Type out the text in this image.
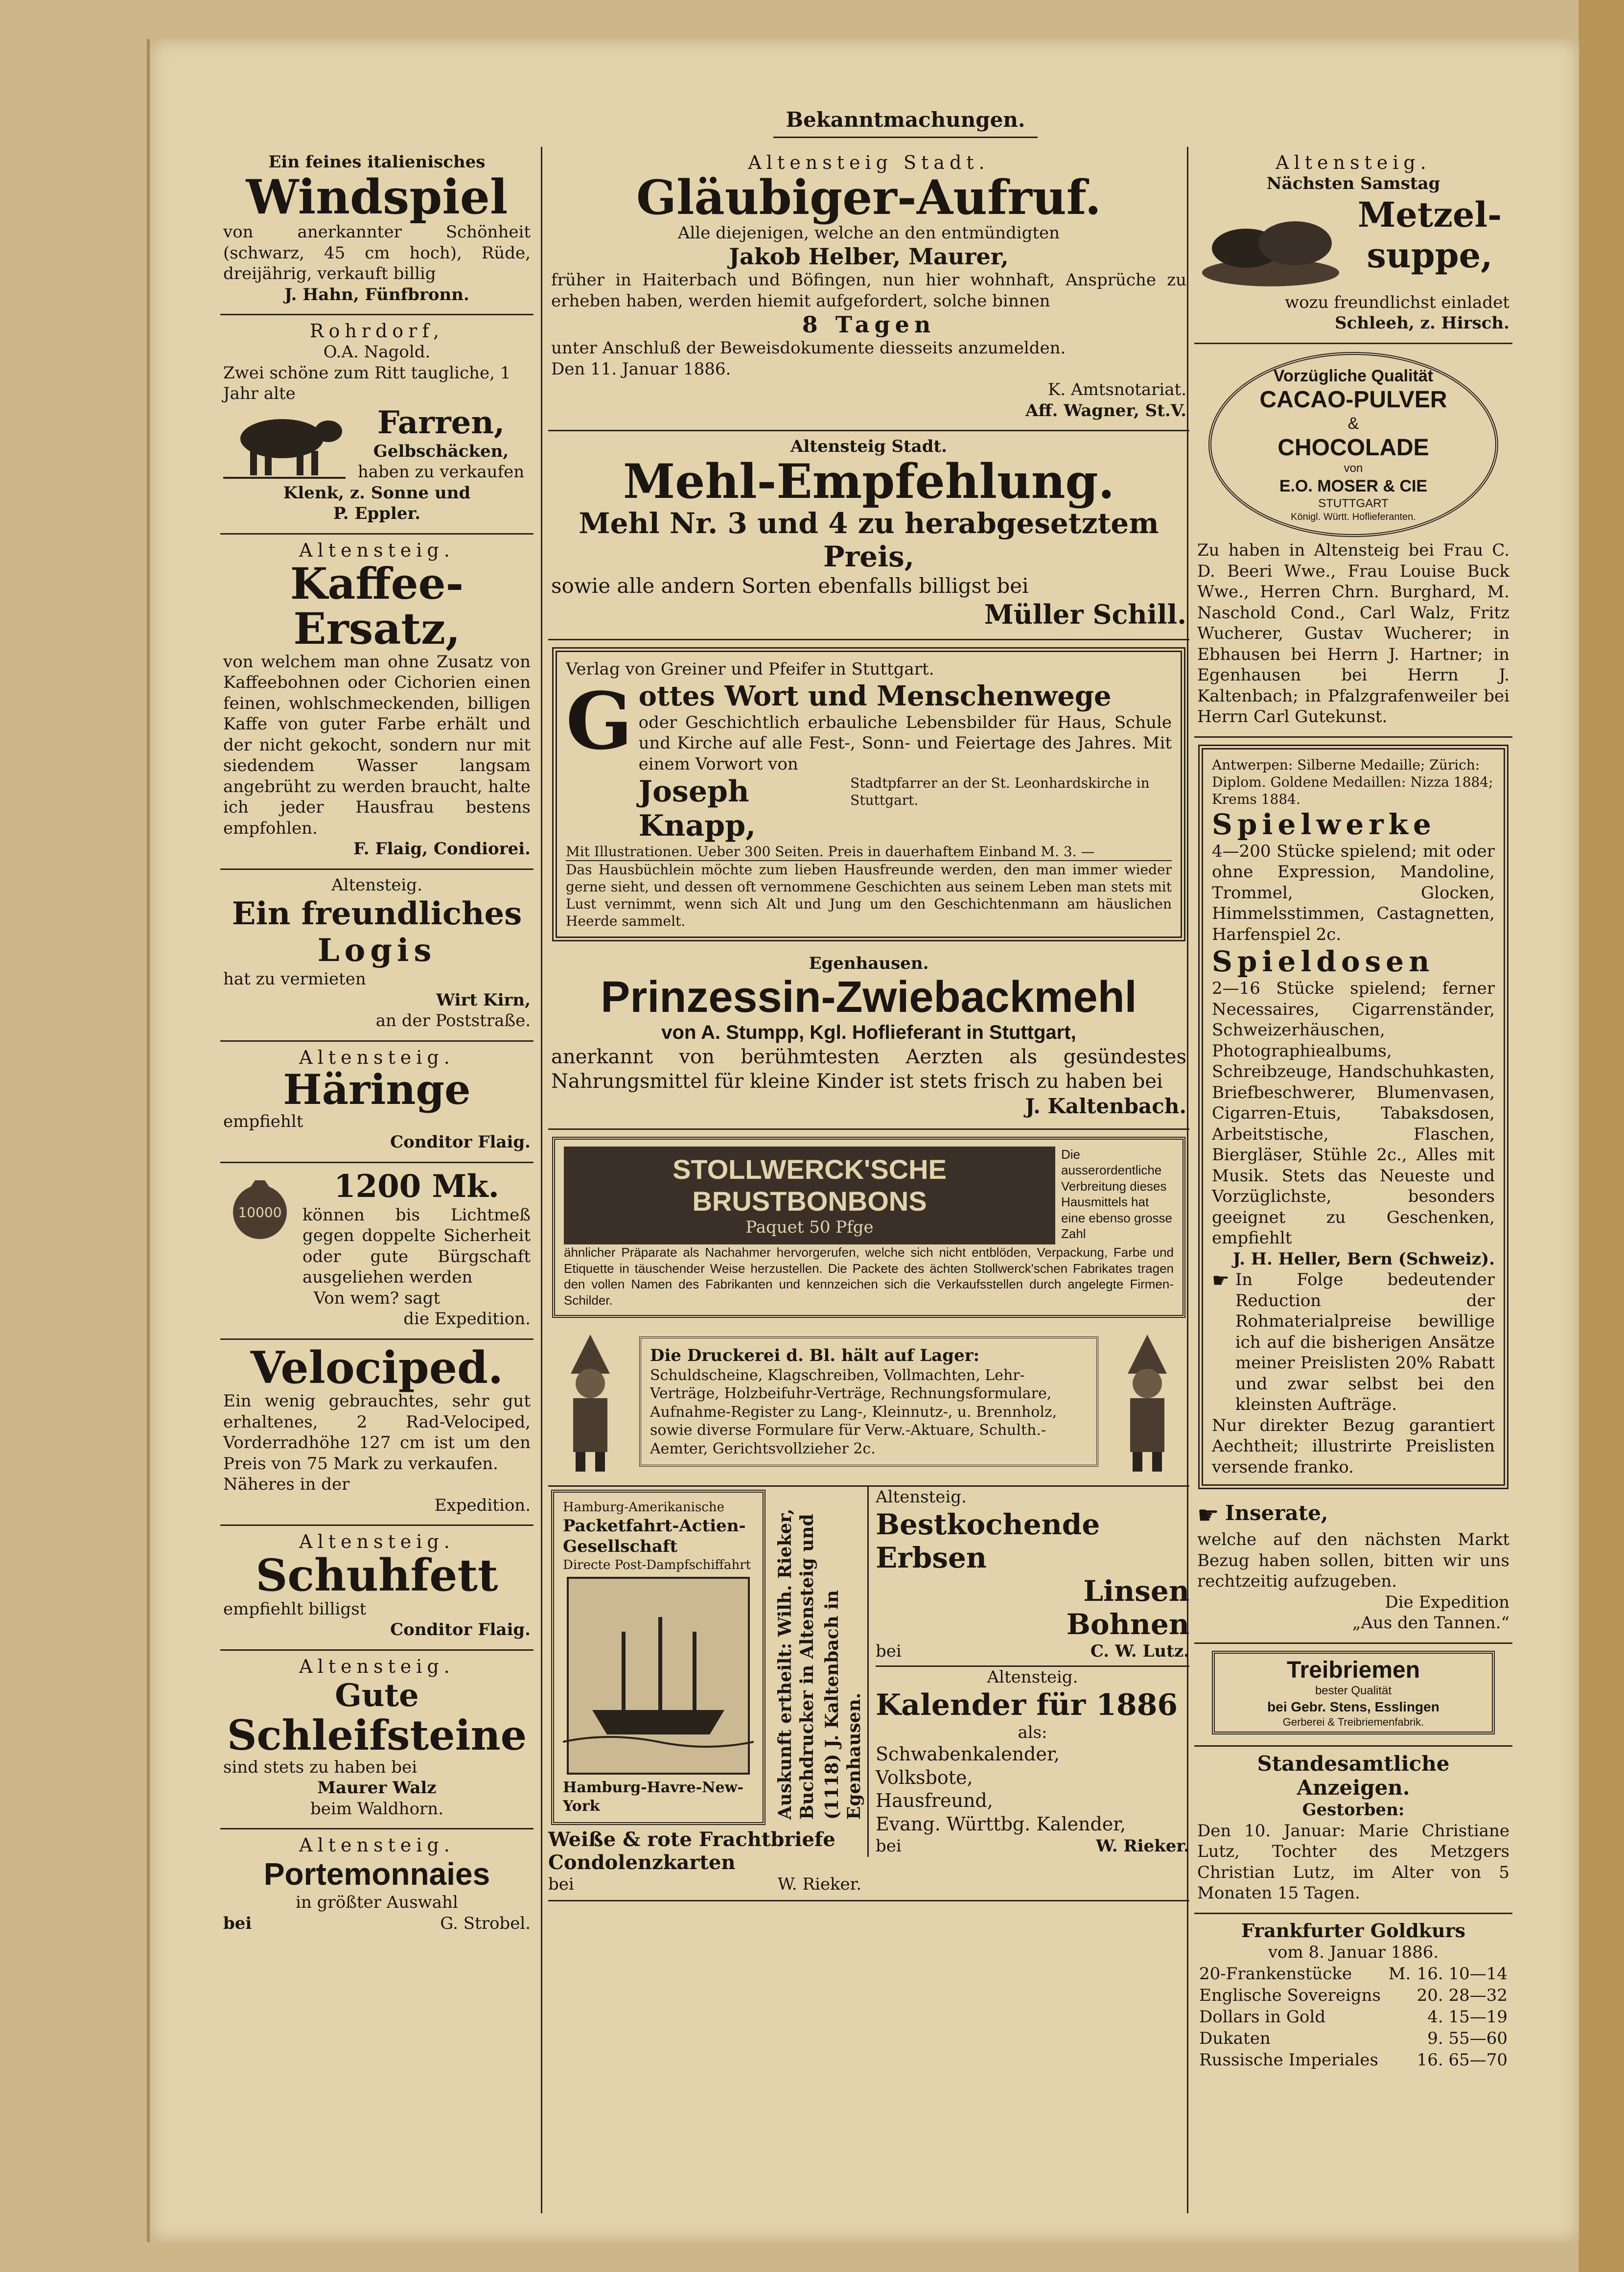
Bekanntmachungen.
Ein feines italienisches
Windspiel
von anerkannter Schönheit (schwarz, 45 cm hoch), Rüde, dreijährig, verkauft billig
J. Hahn, Fünfbronn.
Rohrdorf,
O.A. Nagold.
Zwei schöne zum Ritt taugliche, 1 Jahr alte
Farren,
Gelbschäcken,
haben zu verkaufen
Klenk, z. Sonne und
P. Eppler.
Altensteig.
Kaffee-Ersatz,
von welchem man ohne Zusatz von Kaffeebohnen oder Cichorien einen feinen, wohlschmeckenden, billigen Kaffe von guter Farbe erhält und der nicht gekocht, sondern nur mit siedendem Wasser langsam angebrüht zu werden braucht, halte ich jeder Hausfrau bestens empfohlen.
F. Flaig, Condiorei.
Altensteig.
Ein freundliches
Logis
hat zu vermieten
Wirt Kirn,
an der Poststraße.
Altensteig.
Häringe
empfiehlt
Conditor Flaig.
10000
1200 Mk.
können bis Lichtmeß gegen doppelte Sicherheit oder gute Bürgschaft ausgeliehen werden
Von wem? sagt
die Expedition.
Velociped.
Ein wenig gebrauchtes, sehr gut erhaltenes, 2 Rad-Velociped, Vorderradhöhe 127 cm ist um den Preis von 75 Mark zu verkaufen.
Näheres in der
Expedition.
Altensteig.
Schuhfett
empfiehlt billigst
Conditor Flaig.
Altensteig.
Gute
Schleifsteine
sind stets zu haben bei
Maurer Walz
beim Waldhorn.
Altensteig.
Portemonnaies
in größter Auswahl
bei	G. Strobel.
Altensteig Stadt.
Gläubiger-Aufruf.
Alle diejenigen, welche an den entmündigten
Jakob Helber, Maurer,
früher in Haiterbach und Böfingen, nun hier wohnhaft, Ansprüche zu erheben haben, werden hiemit aufgefordert, solche binnen
8 Tagen
unter Anschluß der Beweisdokumente diesseits anzumelden.
Den 11. Januar 1886.
K. Amtsnotariat.
Aff. Wagner, St.V.
Altensteig Stadt.
Mehl-Empfehlung.
Mehl Nr. 3 und 4 zu herabgesetztem
Preis,
sowie alle andern Sorten ebenfalls billigst bei
Müller Schill.
Verlag von Greiner und Pfeifer in Stuttgart.
G ottes Wort und Menschenwege
oder Geschichtlich erbauliche Lebensbilder für Haus, Schule und Kirche auf alle Fest-, Sonn- und Feiertage des Jahres. Mit einem Vorwort von
Joseph Knapp,
Stadtpfarrer an der St. Leonhardskirche in Stuttgart.
Mit Illustrationen. Ueber 300 Seiten. Preis in dauerhaftem Einband M. 3. —
Das Hausbüchlein möchte zum lieben Hausfreunde werden, den man immer wieder gerne sieht, und dessen oft vernommene Geschichten aus seinem Leben man stets mit Lust vernimmt, wenn sich Alt und Jung um den Geschichtenmann am häuslichen Heerde sammelt.
Egenhausen.
Prinzessin-Zwiebackmehl
von A. Stumpp, Kgl. Hoflieferant in Stuttgart,
anerkannt von berühmtesten Aerzten als gesündestes Nahrungsmittel für kleine Kinder ist stets frisch zu haben bei
J. Kaltenbach.
STOLLWERCK'SCHE
BRUSTBONBONS
Paquet 50 Pfge
Die ausserordentliche Verbreitung dieses Hausmittels hat eine ebenso grosse Zahl
ähnlicher Präparate als Nachahmer hervorgerufen, welche sich nicht entblöden, Verpackung, Farbe und Etiquette in täuschender Weise herzustellen. Die Packete des ächten Stollwerck'schen Fabrikates tragen den vollen Namen des Fabrikanten und kennzeichen sich die Verkaufsstellen durch angelegte Firmen-Schilder.
Die Druckerei d. Bl. hält auf Lager:
Schuldscheine, Klagschreiben, Vollmachten, Lehr-Verträge, Holzbeifuhr-Verträge, Rechnungsformulare, Aufnahme-Register zu Lang-, Kleinnutz-, u. Brennholz, sowie diverse Formulare für Verw.-Aktuare, Schulth.-Aemter, Gerichtsvollzieher 2c.
Hamburg-Amerikanische
Packetfahrt-Actien-Gesellschaft
Directe Post-Dampfschiffahrt
Hamburg-Havre-New-York	Auskunft ertheilt: Wilh. Rieker, Buchdrucker in Altensteig und (1118) J. Kaltenbach in Egenhausen.
Weiße & rote Frachtbriefe
Condolenzkarten
bei	W. Rieker.
Altensteig.
Bestkochende Erbsen
Linsen
Bohnen
bei	C. W. Lutz.
Altensteig.
Kalender für 1886
als:
Schwabenkalender,
Volksbote,
Hausfreund,
Evang. Württbg. Kalender,
bei	W. Rieker.
Altensteig.
Nächsten Samstag
Metzel-
suppe,
wozu freundlichst einladet
Schleeh, z. Hirsch.
Vorzügliche Qualität
CACAO-PULVER
&
CHOCOLADE
von
E.O. MOSER & CIE
STUTTGART
Königl. Württ. Hoflieferanten.
Zu haben in Altensteig bei Frau C. D. Beeri Wwe., Frau Louise Buck Wwe., Herren Chrn. Burghard, M. Naschold Cond., Carl Walz, Fritz Wucherer, Gustav Wucherer; in Ebhausen bei Herrn J. Hartner; in Egenhausen bei Herrn J. Kaltenbach; in Pfalzgrafenweiler bei Herrn Carl Gutekunst.
Antwerpen: Silberne Medaille; Zürich: Diplom. Goldene Medaillen: Nizza 1884; Krems 1884.
Spielwerke
4—200 Stücke spielend; mit oder ohne Expression, Mandoline, Trommel, Glocken, Himmelsstimmen, Castagnetten, Harfenspiel 2c.
Spieldosen
2—16 Stücke spielend; ferner Necessaires, Cigarrenständer, Schweizerhäuschen, Photographiealbums, Schreibzeuge, Handschuhkasten, Briefbeschwerer, Blumenvasen, Cigarren-Etuis, Tabaksdosen, Arbeitstische, Flaschen, Biergläser, Stühle 2c., Alles mit Musik. Stets das Neueste und Vorzüglichste, besonders geeignet zu Geschenken, empfiehlt
J. H. Heller, Bern (Schweiz).
☛ In Folge bedeutender Reduction der Rohmaterialpreise bewillige ich auf die bisherigen Ansätze meiner Preislisten 20% Rabatt und zwar selbst bei den kleinsten Aufträge.
Nur direkter Bezug garantiert Aechtheit; illustrirte Preislisten versende franko.
☛ Inserate,
welche auf den nächsten Markt Bezug haben sollen, bitten wir uns rechtzeitig aufzugeben.
Die Expedition
„Aus den Tannen.“
Treibriemen
bester Qualität
bei Gebr. Stens, Esslingen
Gerberei & Treibriemenfabrik.
Standesamtliche Anzeigen.
Gestorben:
Den 10. Januar: Marie Christiane Lutz, Tochter des Metzgers Christian Lutz, im Alter von 5 Monaten 15 Tagen.
Frankfurter Goldkurs
vom 8. Januar 1886.
20-Frankenstücke	M.	16. 10—14
Englische Sovereigns		20. 28—32
Dollars in Gold		4. 15—19
Dukaten		9. 55—60
Russische Imperiales		16. 65—70
